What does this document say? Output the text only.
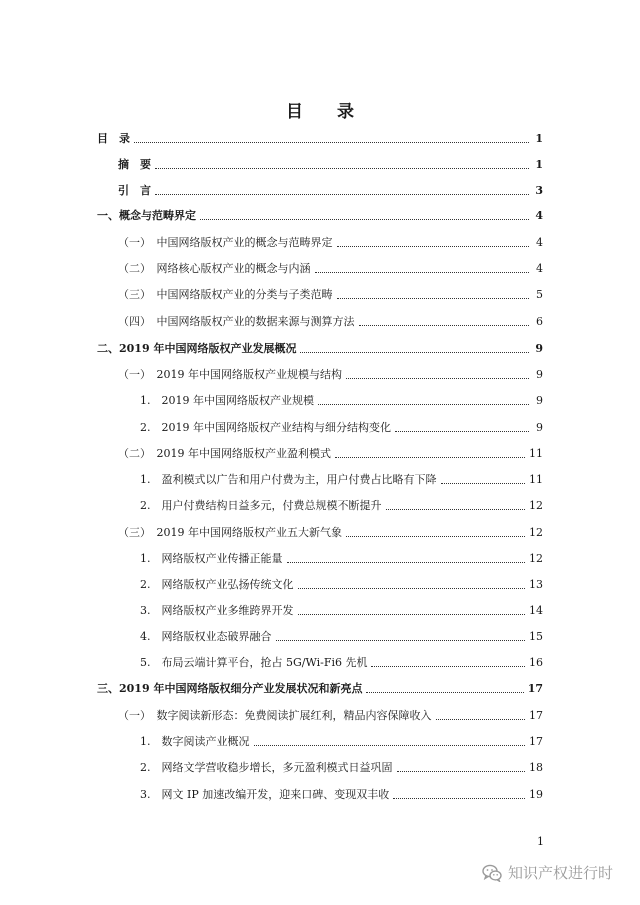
目 录
目　录	1
摘　要	1
引　言	3
一、概念与范畴界定	4
（一）　中国网络版权产业的概念与范畴界定	4
（二）　网络核心版权产业的概念与内涵	4
（三）　中国网络版权产业的分类与子类范畴	5
（四）　中国网络版权产业的数据来源与测算方法	6
二、2019 年中国网络版权产业发展概况	9
（一）　2019 年中国网络版权产业规模与结构	9
1.　2019 年中国网络版权产业规模	9
2.　2019 年中国网络版权产业结构与细分结构变化	9
（二）　2019 年中国网络版权产业盈利模式	11
1.　盈利模式以广告和用户付费为主，用户付费占比略有下降	11
2.　用户付费结构日益多元，付费总规模不断提升	12
（三）　2019 年中国网络版权产业五大新气象	12
1.　网络版权产业传播正能量	12
2.　网络版权产业弘扬传统文化	13
3.　网络版权产业多维跨界开发	14
4.　网络版权业态破界融合	15
5.　布局云端计算平台，抢占 5G/Wi-Fi6 先机	16
三、2019 年中国网络版权细分产业发展状况和新亮点	17
（一）　数字阅读新形态：免费阅读扩展红利，精品内容保障收入	17
1.　数字阅读产业概况	17
2.　网络文学营收稳步增长，多元盈利模式日益巩固	18
3.　网文 IP 加速改编开发，迎来口碑、变现双丰收	19
1
知识产权进行时
